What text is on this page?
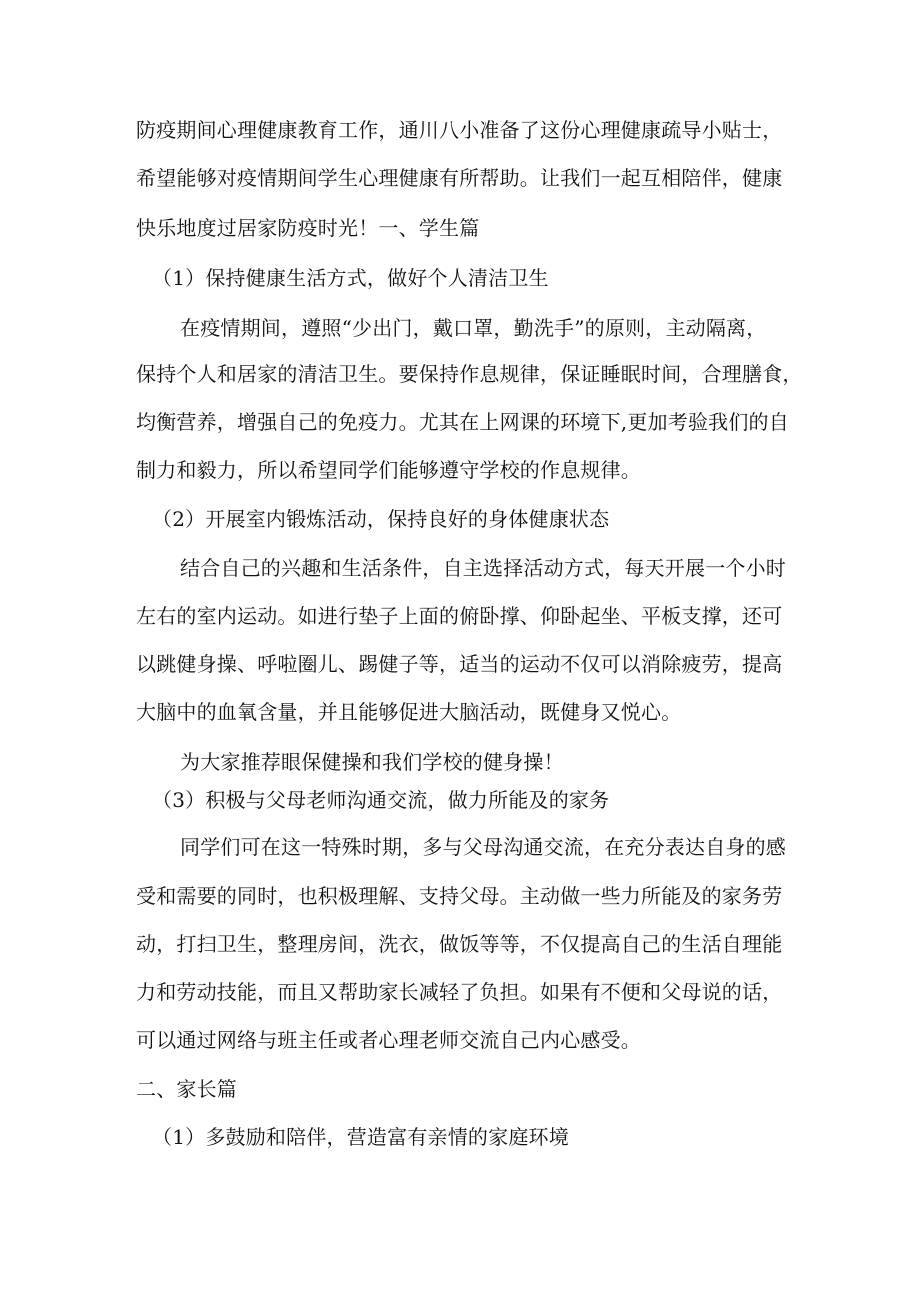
防疫期间心理健康教育工作，通川八小准备了这份心理健康疏导小贴士，
希望能够对疫情期间学生心理健康有所帮助。让我们一起互相陪伴，健康
快乐地度过居家防疫时光！一、学生篇
（1）保持健康生活方式，做好个人清洁卫生
在疫情期间，遵照“少出门，戴口罩，勤洗手”的原则，主动隔离，
保持个人和居家的清洁卫生。要保持作息规律，保证睡眠时间，合理膳食，
均衡营养，增强自己的免疫力。尤其在上网课的环境下,更加考验我们的自
制力和毅力，所以希望同学们能够遵守学校的作息规律。
（2）开展室内锻炼活动，保持良好的身体健康状态
结合自己的兴趣和生活条件，自主选择活动方式，每天开展一个小时
左右的室内运动。如进行垫子上面的俯卧撑、仰卧起坐、平板支撑，还可
以跳健身操、呼啦圈儿、踢健子等，适当的运动不仅可以消除疲劳，提高
大脑中的血氧含量，并且能够促进大脑活动，既健身又悦心。
为大家推荐眼保健操和我们学校的健身操！
（3）积极与父母老师沟通交流，做力所能及的家务
同学们可在这一特殊时期，多与父母沟通交流，在充分表达自身的感
受和需要的同时，也积极理解、支持父母。主动做一些力所能及的家务劳
动，打扫卫生，整理房间，洗衣，做饭等等，不仅提高自己的生活自理能
力和劳动技能，而且又帮助家长减轻了负担。如果有不便和父母说的话，
可以通过网络与班主任或者心理老师交流自己内心感受。
二、家长篇
（1）多鼓励和陪伴，营造富有亲情的家庭环境
